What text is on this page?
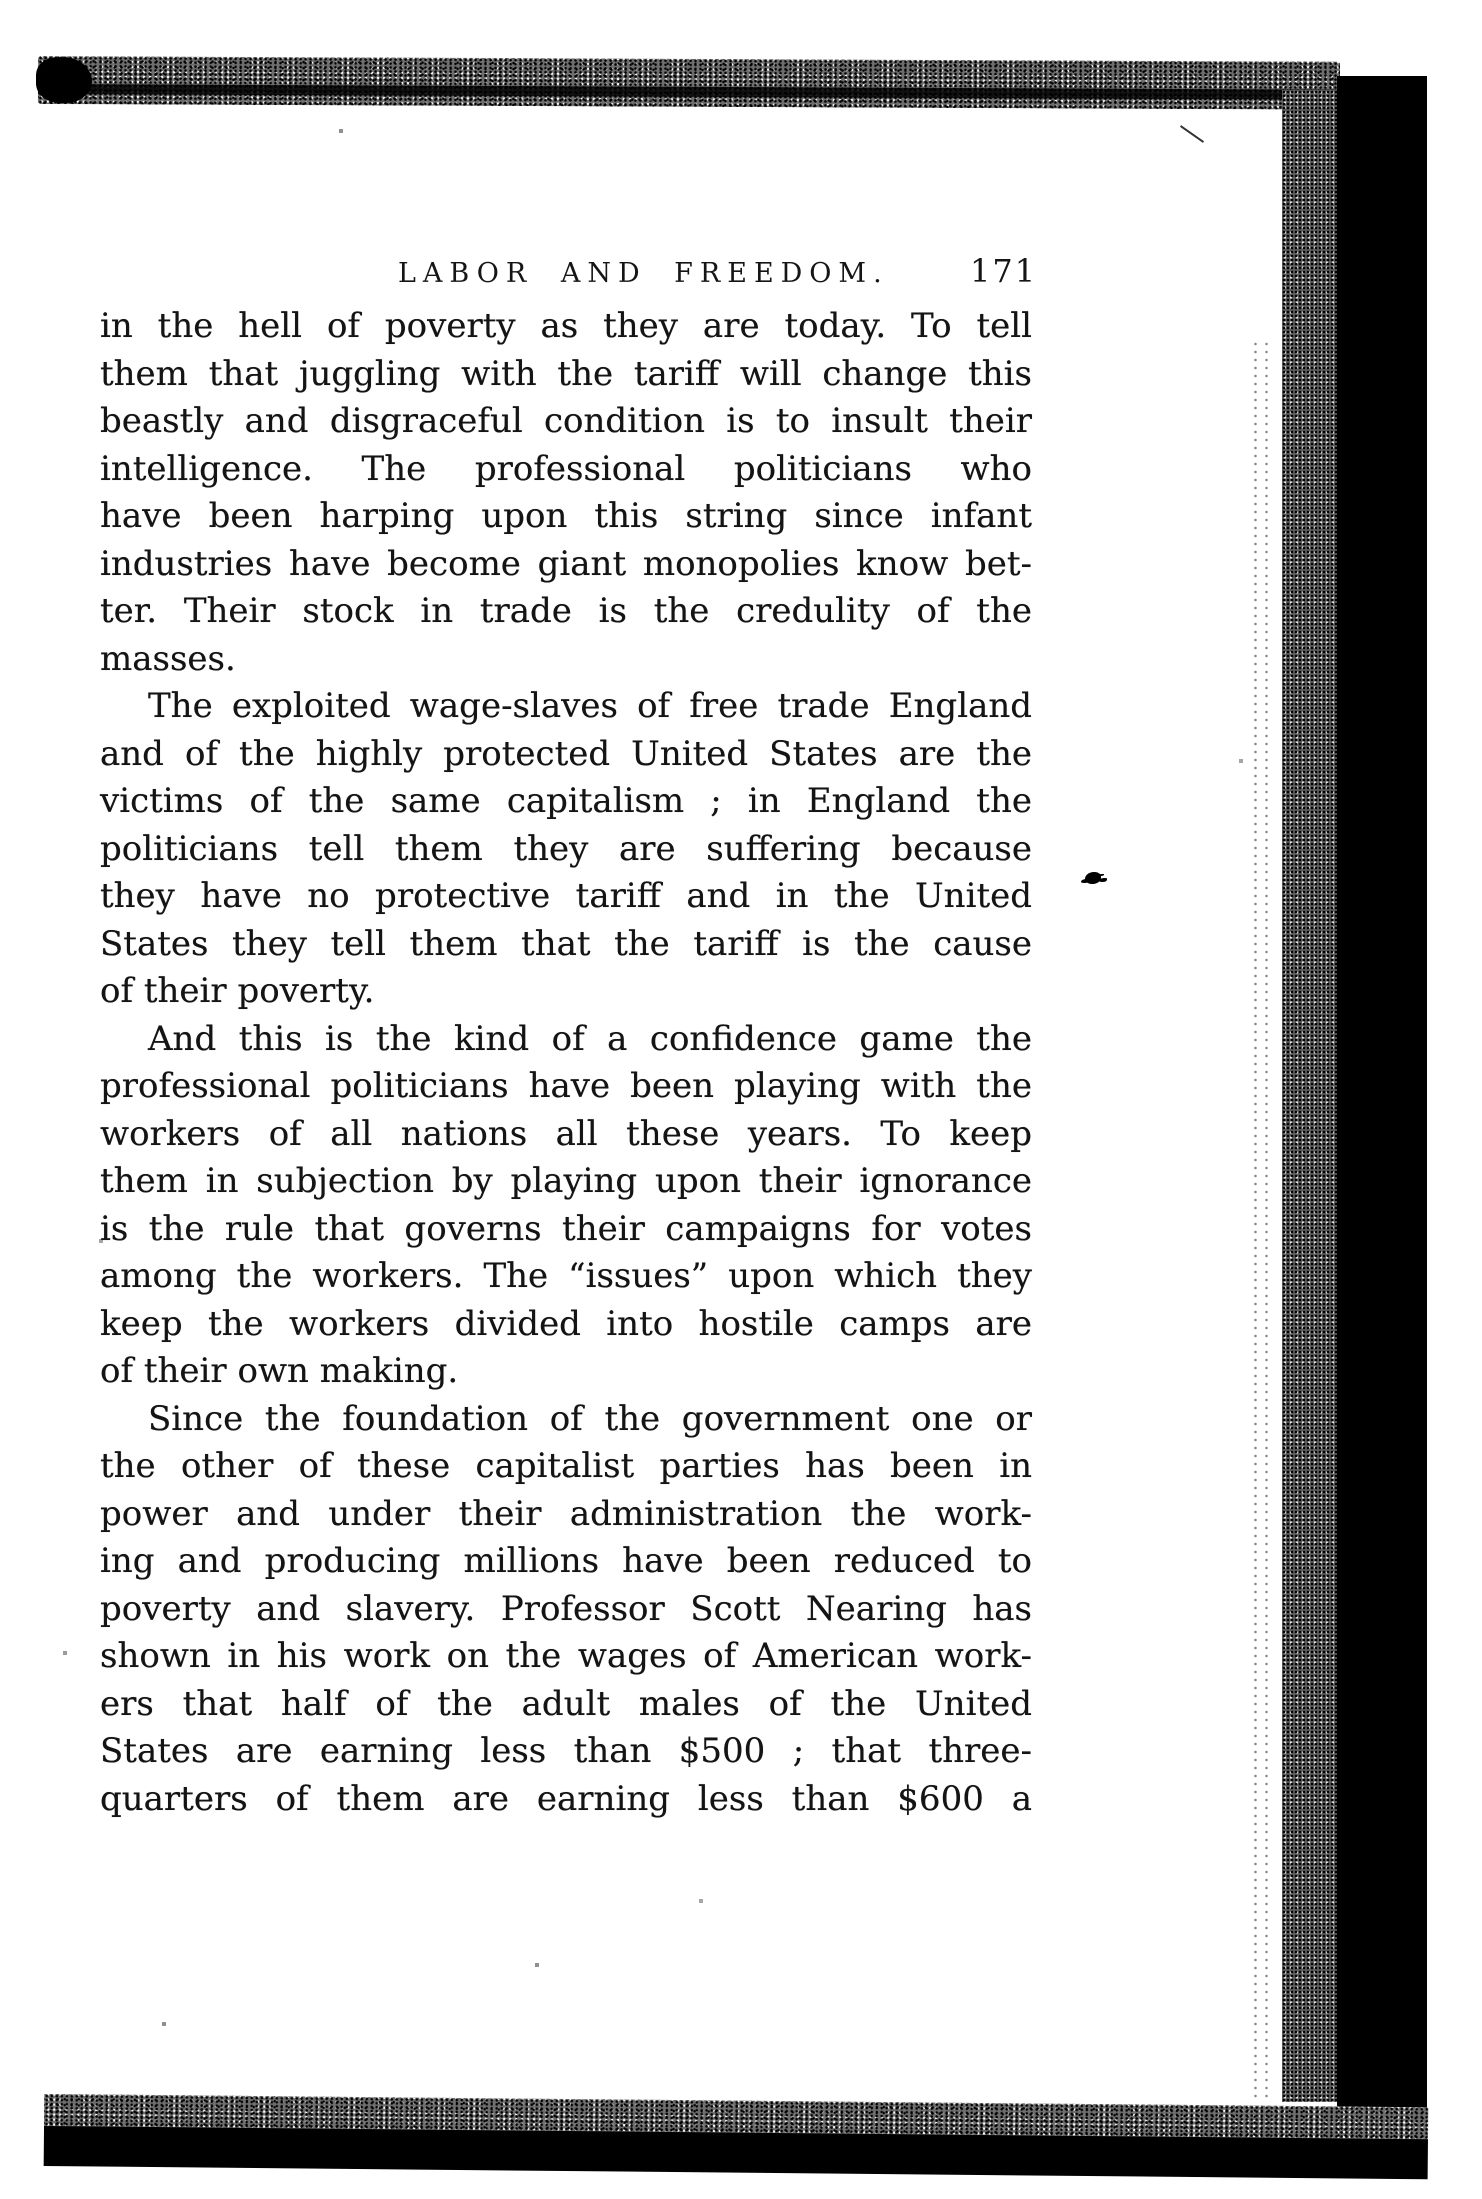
LABOR AND FREEDOM.	171
in the hell of poverty as they are today. To tell
them that juggling with the tariff will change this
beastly and disgraceful condition is to insult their
intelligence. The professional politicians who
have been harping upon this string since infant
industries have become giant monopolies know bet-
ter. Their stock in trade is the credulity of the
masses.
The exploited wage-slaves of free trade England
and of the highly protected United States are the
victims of the same capitalism ; in England the
politicians tell them they are suffering because
they have no protective tariff and in the United
States they tell them that the tariff is the cause
of their poverty.
And this is the kind of a confidence game the
professional politicians have been playing with the
workers of all nations all these years. To keep
them in subjection by playing upon their ignorance
is the rule that governs their campaigns for votes
among the workers. The “issues” upon which they
keep the workers divided into hostile camps are
of their own making.
Since the foundation of the government one or
the other of these capitalist parties has been in
power and under their administration the work-
ing and producing millions have been reduced to
poverty and slavery. Professor Scott Nearing has
shown in his work on the wages of American work-
ers that half of the adult males of the United
States are earning less than $500 ; that three-
quarters of them are earning less than $600 a
